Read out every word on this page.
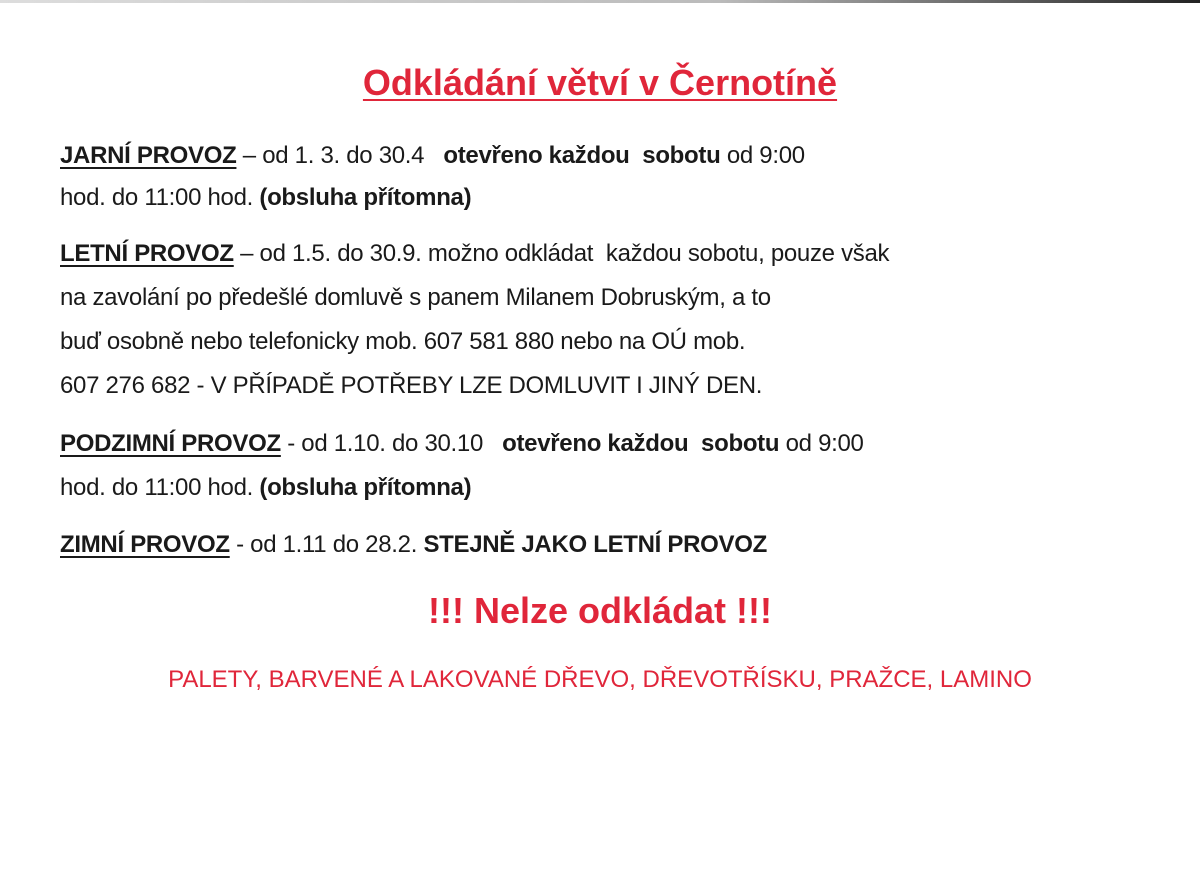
Odkládání větví v Černotíně
JARNÍ PROVOZ – od 1. 3. do 30.4   otevřeno každou  sobotu od 9:00
hod. do 11:00 hod. (obsluha přítomna)
LETNÍ PROVOZ – od 1.5. do 30.9. možno odkládat  každou sobotu, pouze však
na zavolání po předešlé domluvě s panem Milanem Dobruským, a to
buď osobně nebo telefonicky mob. 607 581 880 nebo na OÚ mob.
607 276 682 - V PŘÍPADĚ POTŘEBY LZE DOMLUVIT I JINÝ DEN.
PODZIMNÍ PROVOZ - od 1.10. do 30.10   otevřeno každou  sobotu od 9:00
hod. do 11:00 hod. (obsluha přítomna)
ZIMNÍ PROVOZ - od 1.11 do 28.2. STEJNĚ JAKO LETNÍ PROVOZ
!!! Nelze odkládat !!!
PALETY, BARVENÉ A LAKOVANÉ DŘEVO, DŘEVOTŘÍSKU, PRAŽCE, LAMINO
